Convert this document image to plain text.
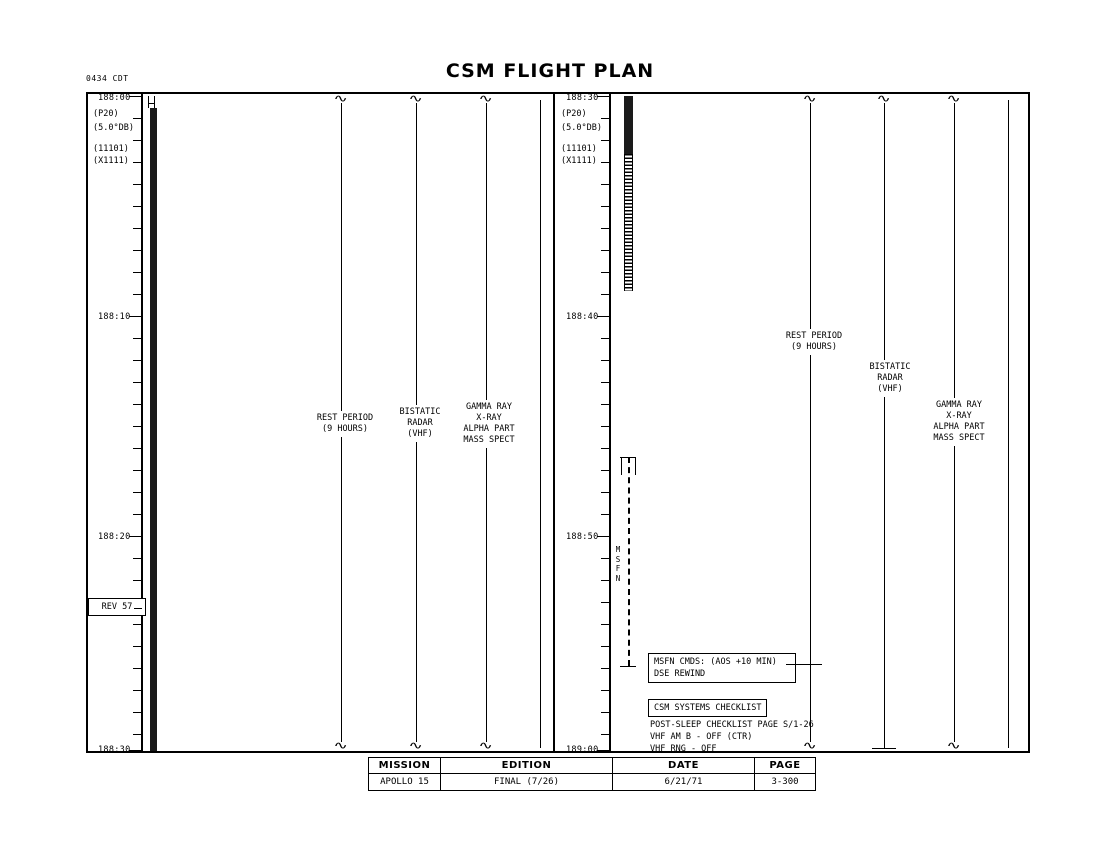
0434 CDT	CSM FLIGHT PLAN
188:00
188:10
188:20
188:30
(P20)
(5.0°DB)
(11101)
(X1111)
REV 57
∿
∿
REST PERIOD
(9 HOURS)
∿
∿
BISTATIC
RADAR
(VHF)
∿
∿
GAMMA RAY
X-RAY
ALPHA PART
MASS SPECT
188:30
188:40
188:50
189:00
(P20)
(5.0°DB)
(11101)
(X1111)
M
S
F
N
∿
∿
REST PERIOD
(9 HOURS)
∿
BISTATIC
RADAR
(VHF)
∿
∿
GAMMA RAY
X-RAY
ALPHA PART
MASS SPECT
MSFN CMDS: (AOS +10 MIN)
DSE REWIND
CSM SYSTEMS CHECKLIST
POST-SLEEP CHECKLIST PAGE S/1-26
VHF AM B - OFF (CTR)
VHF RNG - OFF
MISSION
APOLLO 15
EDITION
FINAL (7/26)
DATE
6/21/71
PAGE
3-300
